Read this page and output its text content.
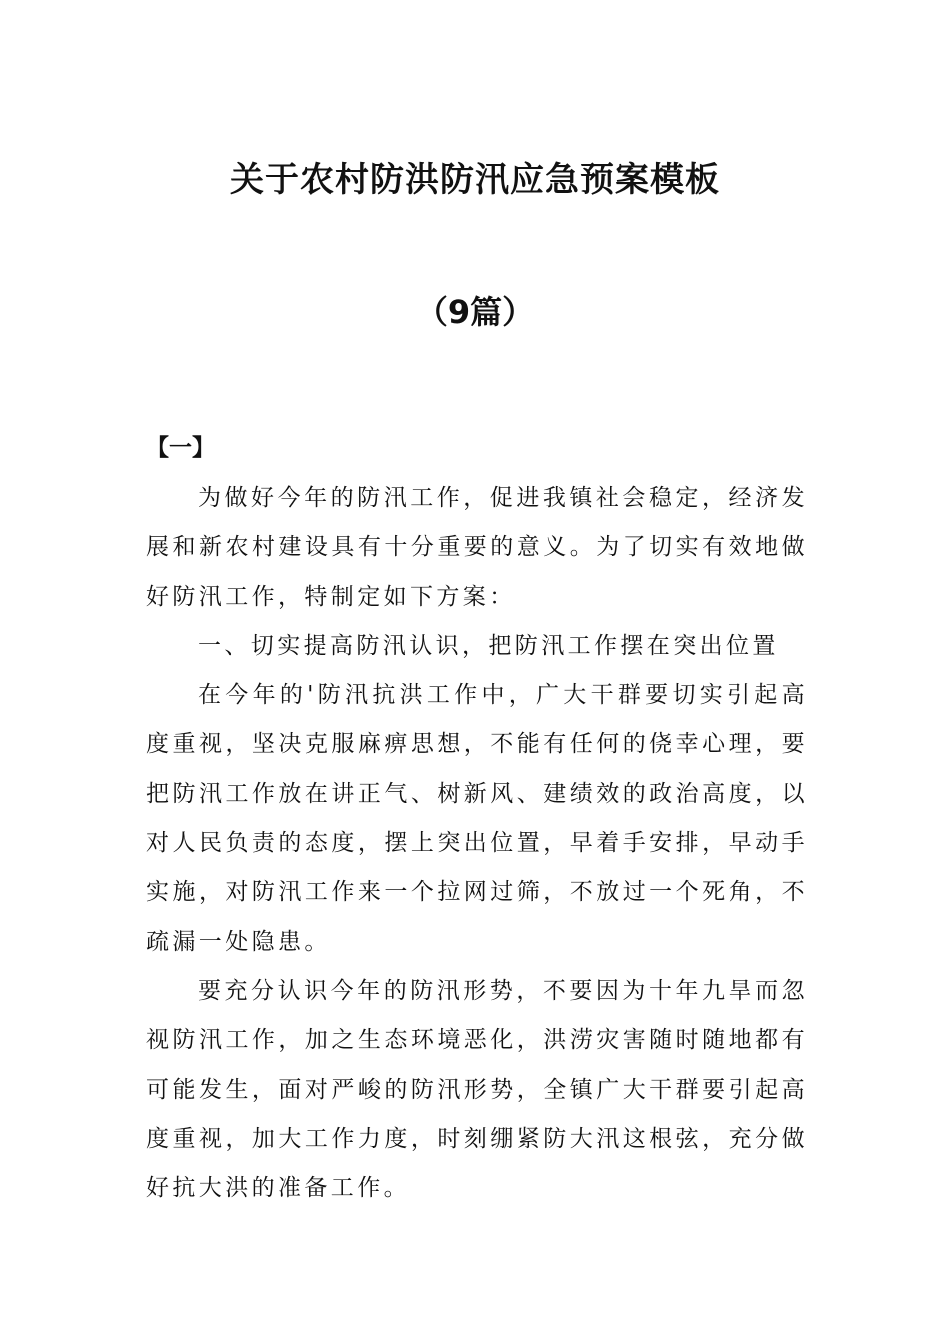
关于农村防洪防汛应急预案模板
（9篇）
【一】

为做好今年的防汛工作，促进我镇社会稳定，经济发展和新农村建设具有十分重要的意义。为了切实有效地做好防汛工作，特制定如下方案：

一、切实提高防汛认识，把防汛工作摆在突出位置

在今年的'防汛抗洪工作中，广大干群要切实引起高度重视，坚决克服麻痹思想，不能有任何的侥幸心理，要把防汛工作放在讲正气、树新风、建绩效的政治高度，以对人民负责的态度，摆上突出位置，早着手安排，早动手实施，对防汛工作来一个拉网过筛，不放过一个死角，不疏漏一处隐患。

要充分认识今年的防汛形势，不要因为十年九旱而忽视防汛工作，加之生态环境恶化，洪涝灾害随时随地都有可能发生，面对严峻的防汛形势，全镇广大干群要引起高度重视，加大工作力度，时刻绷紧防大汛这根弦，充分做好抗大洪的准备工作。
